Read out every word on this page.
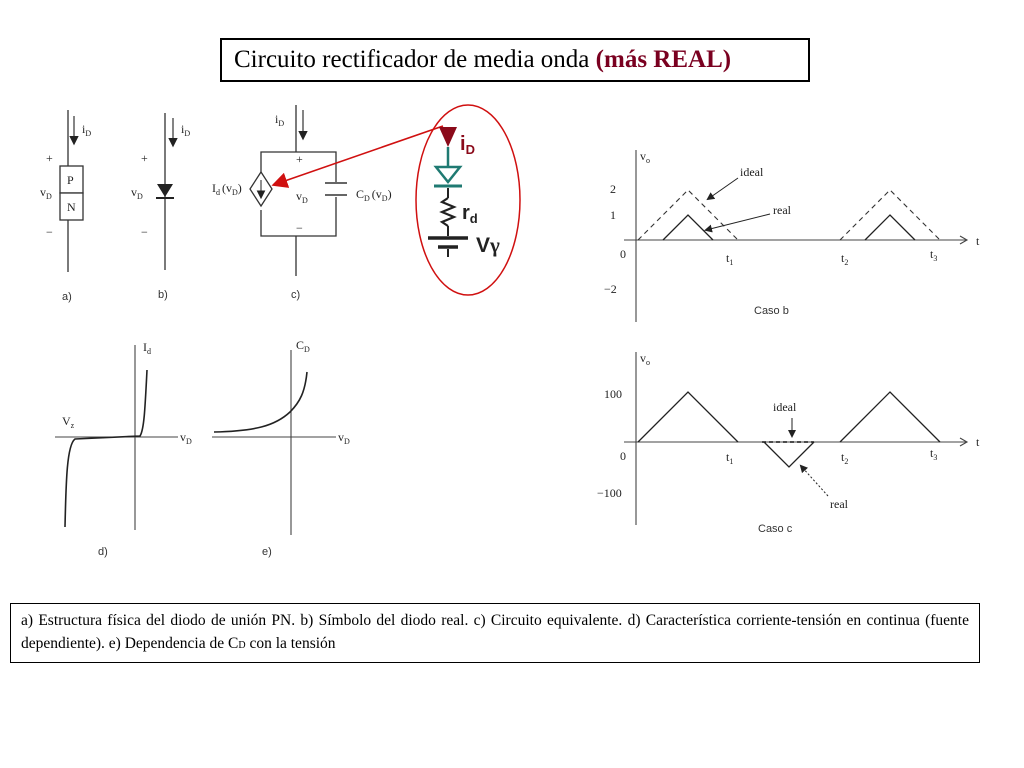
Circuito rectificador de media onda (más REAL)
$i_D$
+
P
N
$v_D$
−
a)
$i_D$
+
$v_D$
−
b)
$i_D$
$I_d$ $(v_D)$
+
$v_D$
−
$C_D$ $(v_D)$
c)
$i_D$
$r_d$
Vγ
$I_d$
$v_D$
$V_z$
d)
$C_D$
$v_D$
e)
$v_o$
t
2
1
0
−2
$t_1$	$t_2$
$t_3$
ideal
real
Caso b
$v_o$
t
100
0
−100
$t_1$	$t_2$
$t_3$
ideal
real
Caso c
a) Estructura física del diodo de unión PN. b) Símbolo del diodo real. c) Circuito equivalente. d) Característica corriente-tensión en continua (fuente dependiente). e) Dependencia de CD con la tensión
